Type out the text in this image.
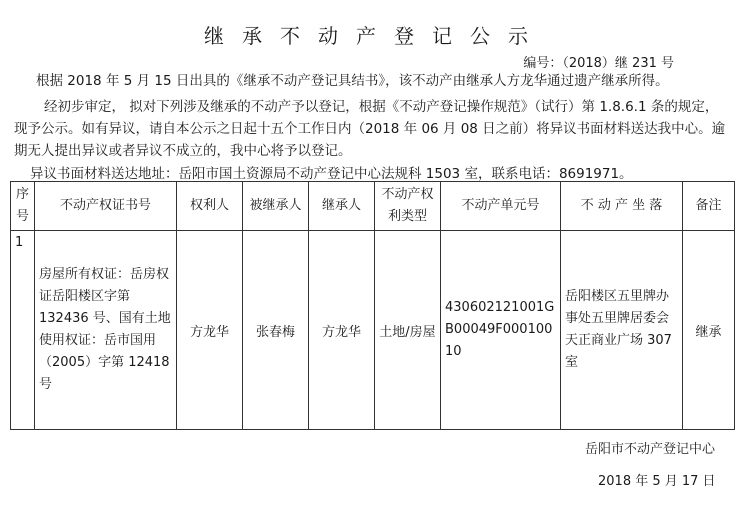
继承不动产登记公示
编号：（2018）继 231 号
根据 2018 年 5 月 15 日出具的《继承不动产登记具结书》，该不动产由继承人方龙华通过遗产继承所得。
经初步审定， 拟对下列涉及继承的不动产予以登记，根据《不动产登记操作规范》（试行）第 1.8.6.1 条的规定，
现予公示。如有异议，请自本公示之日起十五个工作日内（2018 年 06 月 08 日之前）将异议书面材料送达我中心。逾
期无人提出异议或者异议不成立的，我中心将予以登记。
异议书面材料送达地址：岳阳市国土资源局不动产登记中心法规科 1503 室，联系电话：8691971。
序号	不动产权证书号	权利人	被继承人	继承人	不动产权利类型	不动产单元号	不 动 产 坐 落	备注
1	房屋所有权证：岳房权证岳阳楼区字第 132436 号、国有土地使用权证：岳市国用（2005）字第 12418 号	方龙华	张春梅	方龙华	土地/房屋	430602121001GB00049F00010010	岳阳楼区五里牌办事处五里牌居委会天正商业广场 307 室	继承
岳阳市不动产登记中心
2018 年 5 月 17 日
